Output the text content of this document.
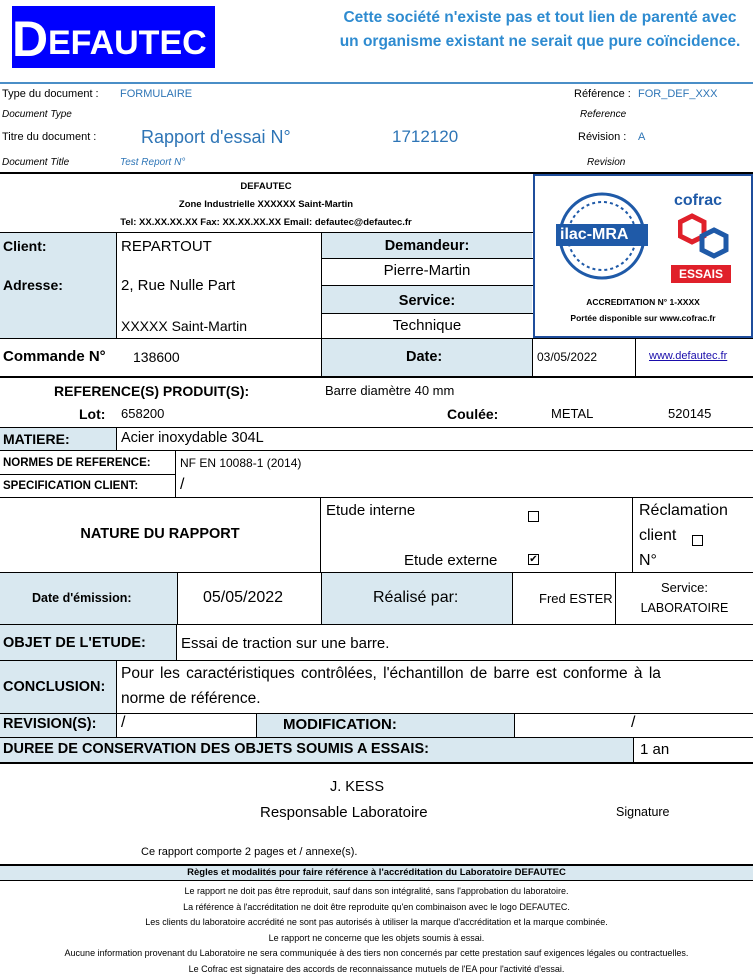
D EFAUTEC
Cette société n'existe pas et tout lien de parenté avec un organisme existant ne serait que pure coïncidence.
Type du document : FORMULAIRE
Document Type
Titre du document : Rapport d'essai N°	1712120
Document Title	Test Report N°
Référence : FOR_DEF_XXX
Reference
Révision : A
Revision
DEFAUTEC
Zone Industrielle XXXXXX Saint-Martin
Tel: XX.XX.XX.XX Fax: XX.XX.XX.XX Email: defautec@defautec.fr
ilac-MRA
cofrac
ESSAIS
ACCREDITATION N° 1-XXXX
Portée disponible sur www.cofrac.fr
Client:	REPARTOUT
Adresse:	2, Rue Nulle Part
XXXXX Saint-Martin
Demandeur:
Pierre-Martin
Service:
Technique
Commande N° 138600	Date:	03/05/2022	www.defautec.fr
REFERENCE(S) PRODUIT(S):	Barre diamètre 40 mm
Lot: 658200	Coulée:	METAL	520145
MATIERE:	Acier inoxydable 304L
NORMES DE REFERENCE: NF EN 10088-1 (2014)
SPECIFICATION CLIENT:	/
NATURE DU RAPPORT
Etude interne
Etude externe	✔
Réclamation
client
N°
Date d'émission:	05/05/2022	Réalisé par:	Fred ESTER
Service:
LABORATOIRE
OBJET DE L'ETUDE: Essai de traction sur une barre.
CONCLUSION:
Pour les caractéristiques contrôlées, l'échantillon de barre est conforme à la
norme de référence.
REVISION(S): /	MODIFICATION:	/
DUREE DE CONSERVATION DES OBJETS SOUMIS A ESSAIS:	1 an
J. KESS
Responsable Laboratoire	Signature
Ce rapport comporte 2 pages et / annexe(s).
Règles et modalités pour faire référence à l'accréditation du Laboratoire DEFAUTEC
Le rapport ne doit pas être reproduit, sauf dans son intégralité, sans l'approbation du laboratoire.
La référence à l'accréditation ne doit être reproduite qu'en combinaison avec le logo DEFAUTEC.
Les clients du laboratoire accrédité ne sont pas autorisés à utiliser la marque d'accréditation et la marque combinée.
Le rapport ne concerne que les objets soumis à essai.
Aucune information provenant du Laboratoire ne sera communiquée à des tiers non concernés par cette prestation sauf exigences légales ou contractuelles.
Le Cofrac est signataire des accords de reconnaissance mutuels de l'EA pour l'activité d'essai.
